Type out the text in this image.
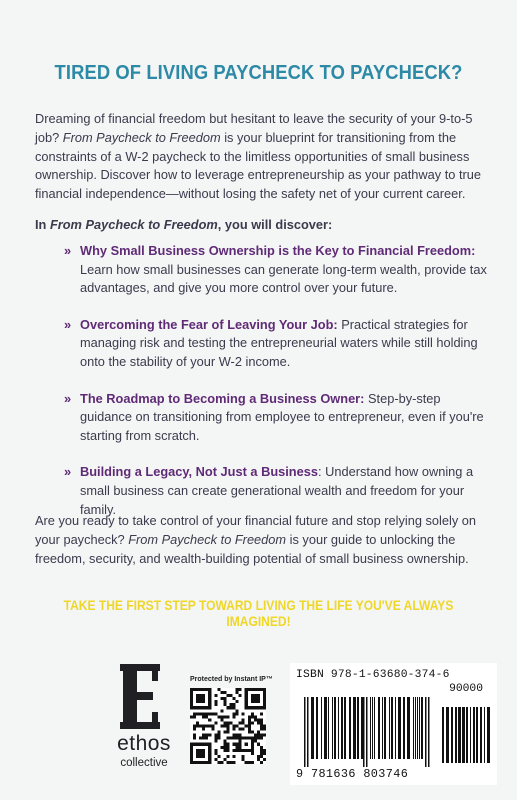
TIRED OF LIVING PAYCHECK TO PAYCHECK?

Dreaming of financial freedom but hesitant to leave the security of your 9-to-5 job? From Paycheck to Freedom is your blueprint for transitioning from the constraints of a W-2 paycheck to the limitless opportunities of small business ownership. Discover how to leverage entrepreneurship as your pathway to true financial independence—without losing the safety net of your current career.

In From Paycheck to Freedom, you will discover:

» Why Small Business Ownership is the Key to Financial Freedom: Learn how small businesses can generate long-term wealth, provide tax advantages, and give you more control over your future.
» Overcoming the Fear of Leaving Your Job: Practical strategies for managing risk and testing the entrepreneurial waters while still holding onto the stability of your W-2 income.
» The Roadmap to Becoming a Business Owner: Step-by-step guidance on transitioning from employee to entrepreneur, even if you're starting from scratch.
» Building a Legacy, Not Just a Business: Understand how owning a small business can create generational wealth and freedom for your family.

Are you ready to take control of your financial future and stop relying solely on your paycheck? From Paycheck to Freedom is your guide to unlocking the freedom, security, and wealth-building potential of small business ownership.

TAKE THE FIRST STEP TOWARD LIVING THE LIFE YOU'VE ALWAYS IMAGINED!
ethos
collective
Protected by Instant IP™	ISBN 978-1-63680-374-6
90000
9 781636 803746
